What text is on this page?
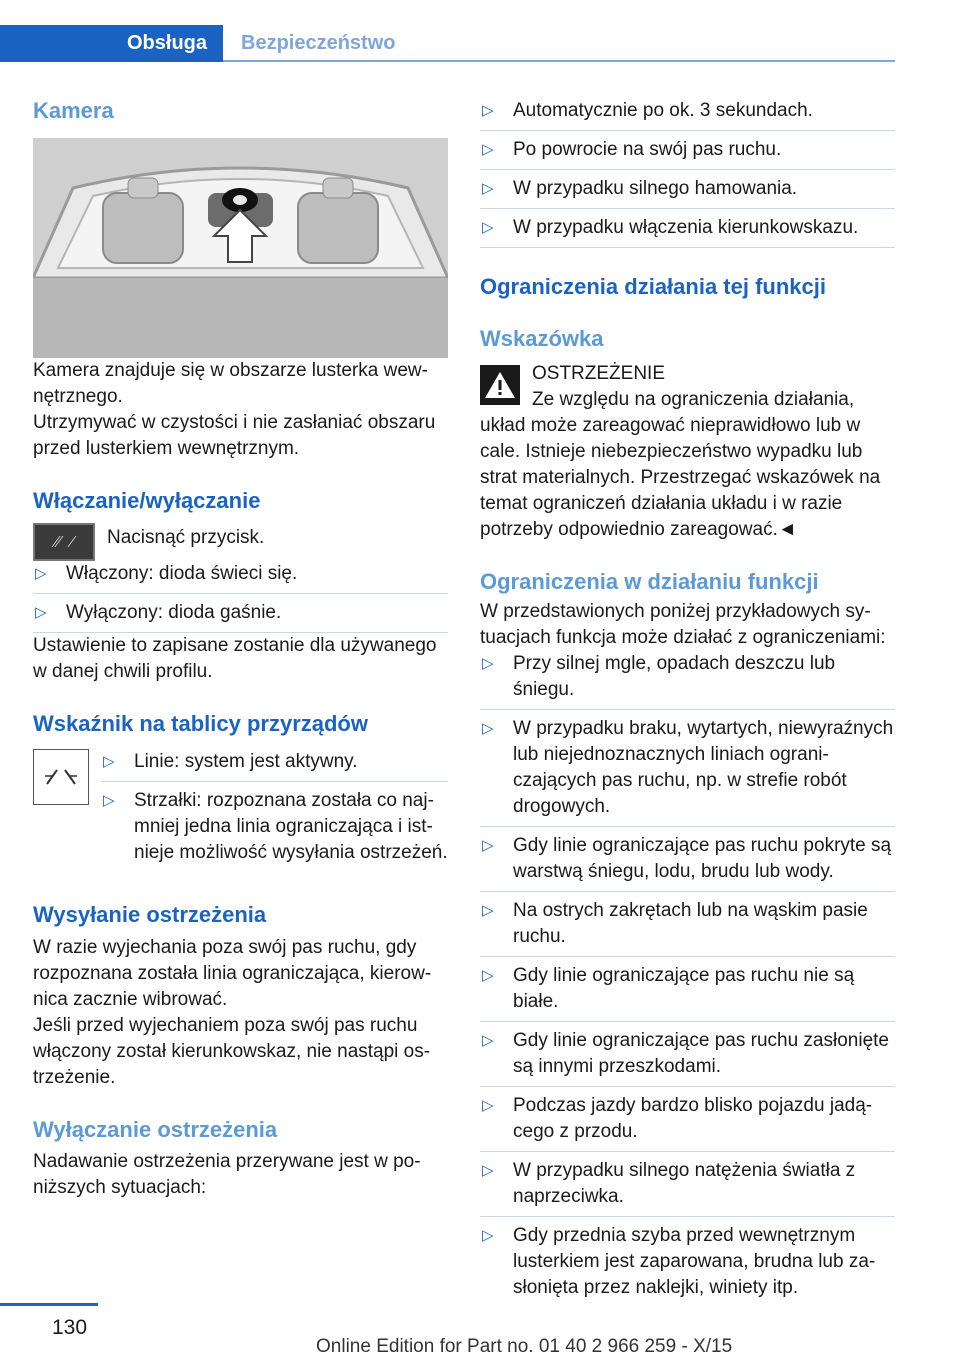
Obsługa	Bezpieczeństwo
Kamera

Kamera znajduje się w obszarze lusterka wewnętrznego.

Utrzymywać w czystości i nie zasłaniać obszaru przed lusterkiem wewnętrznym.

Włączanie/wyłączanie
⁄⁄ ⁄	Nacisnąć przycisk.

▷ Włączony: dioda świeci się.
▷ Wyłączony: dioda gaśnie.

Ustawienie to zapisane zostanie dla używanego w danej chwili profilu.

Wskaźnik na tablicy przyrządów
▷ Linie: system jest aktywny.
▷ Strzałki: rozpoznana została co najmniej jedna linia ograniczająca i istnieje możliwość wysyłania ostrzeżeń.
Wysyłanie ostrzeżenia

W razie wyjechania poza swój pas ruchu, gdy rozpoznana została linia ograniczająca, kierownica zacznie wibrować.

Jeśli przed wyjechaniem poza swój pas ruchu włączony został kierunkowskaz, nie nastąpi ostrzeżenie.

Wyłączanie ostrzeżenia

Nadawanie ostrzeżenia przerywane jest w poniższych sytuacjach:

▷ Automatycznie po ok. 3 sekundach.
▷ Po powrocie na swój pas ruchu.
▷ W przypadku silnego hamowania.
▷ W przypadku włączenia kierunkowskazu.
Ograniczenia działania tej funkcji
Wskazówka

OSTRZEŻENIE

Ze względu na ograniczenia działania,

układ może zareagować nieprawidłowo lub w cale. Istnieje niebezpieczeństwo wypadku lub strat materialnych. Przestrzegać wskazówek na temat ograniczeń działania układu i w razie potrzeby odpowiednio zareagować.◄

Ograniczenia w działaniu funkcji

W przedstawionych poniżej przykładowych sytuacjach funkcja może działać z ograniczeniami:

▷ Przy silnej mgle, opadach deszczu lub śniegu.
▷ W przypadku braku, wytartych, niewyraźnych lub niejednoznacznych liniach ograniczających pas ruchu, np. w strefie robót drogowych.
▷ Gdy linie ograniczające pas ruchu pokryte są warstwą śniegu, lodu, brudu lub wody.
▷ Na ostrych zakrętach lub na wąskim pasie ruchu.
▷ Gdy linie ograniczające pas ruchu nie są białe.
▷ Gdy linie ograniczające pas ruchu zasłonięte są innymi przeszkodami.
▷ Podczas jazdy bardzo blisko pojazdu jadącego z przodu.
▷ W przypadku silnego natężenia światła z naprzeciwka.
▷ Gdy przednia szyba przed wewnętrznym lusterkiem jest zaparowana, brudna lub zasłonięta przez naklejki, winiety itp.
130
Online Edition for Part no. 01 40 2 966 259 - X/15
